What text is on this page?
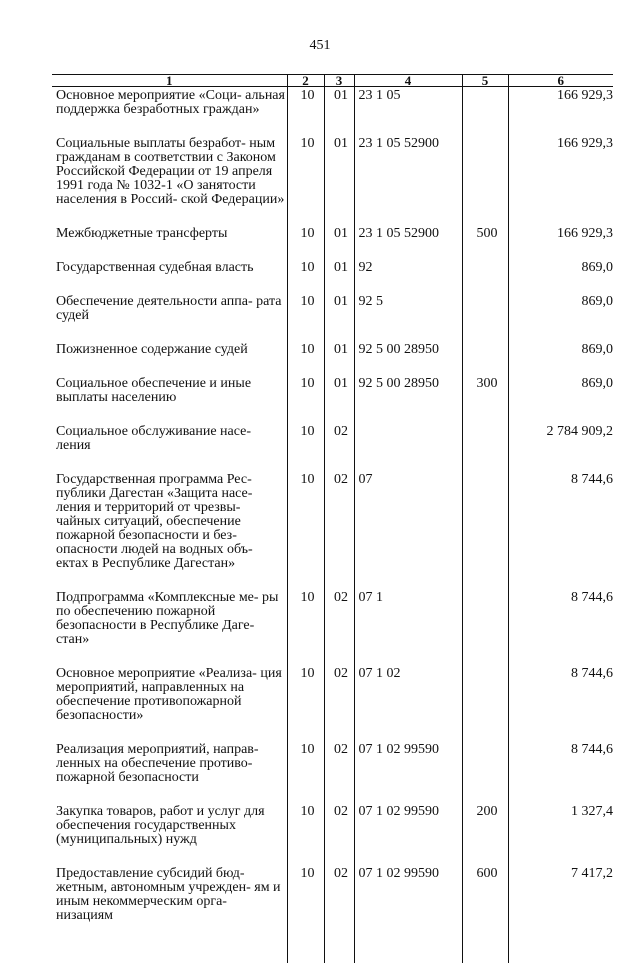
451
1	2	3	4	5	6
Основное мероприятие «Соци- альная поддержка безработных граждан»	10	01	23 1 05		166 929,3
Социальные выплаты безработ- ным гражданам в соответствии с Законом Российской Федерации от 19 апреля 1991 года № 1032-1 «О занятости населения в Россий- ской Федерации»	10	01	23 1 05 52900		166 929,3
Межбюджетные трансферты	10	01	23 1 05 52900	500	166 929,3
Государственная судебная власть	10	01	92		869,0
Обеспечение деятельности аппа- рата судей	10	01	92 5		869,0
Пожизненное содержание судей	10	01	92 5 00 28950		869,0
Социальное обеспечение и иные выплаты населению	10	01	92 5 00 28950	300	869,0
Социальное обслуживание насе- ления	10	02			2 784 909,2
Государственная программа Рес- публики Дагестан «Защита насе- ления и территорий от чрезвы- чайных ситуаций, обеспечение пожарной безопасности и без- опасности людей на водных объ- ектах в Республике Дагестан»	10	02	07		8 744,6
Подпрограмма «Комплексные ме- ры по обеспечению пожарной безопасности в Республике Даге- стан»	10	02	07 1		8 744,6
Основное мероприятие «Реализа- ция мероприятий, направленных на обеспечение противопожарной безопасности»	10	02	07 1 02		8 744,6
Реализация мероприятий, направ- ленных на обеспечение противо- пожарной безопасности	10	02	07 1 02 99590		8 744,6
Закупка товаров, работ и услуг для обеспечения государственных (муниципальных) нужд	10	02	07 1 02 99590	200	1 327,4
Предоставление субсидий бюд- жетным, автономным учрежден- ям и иным некоммерческим орга- низациям	10	02	07 1 02 99590	600	7 417,2
